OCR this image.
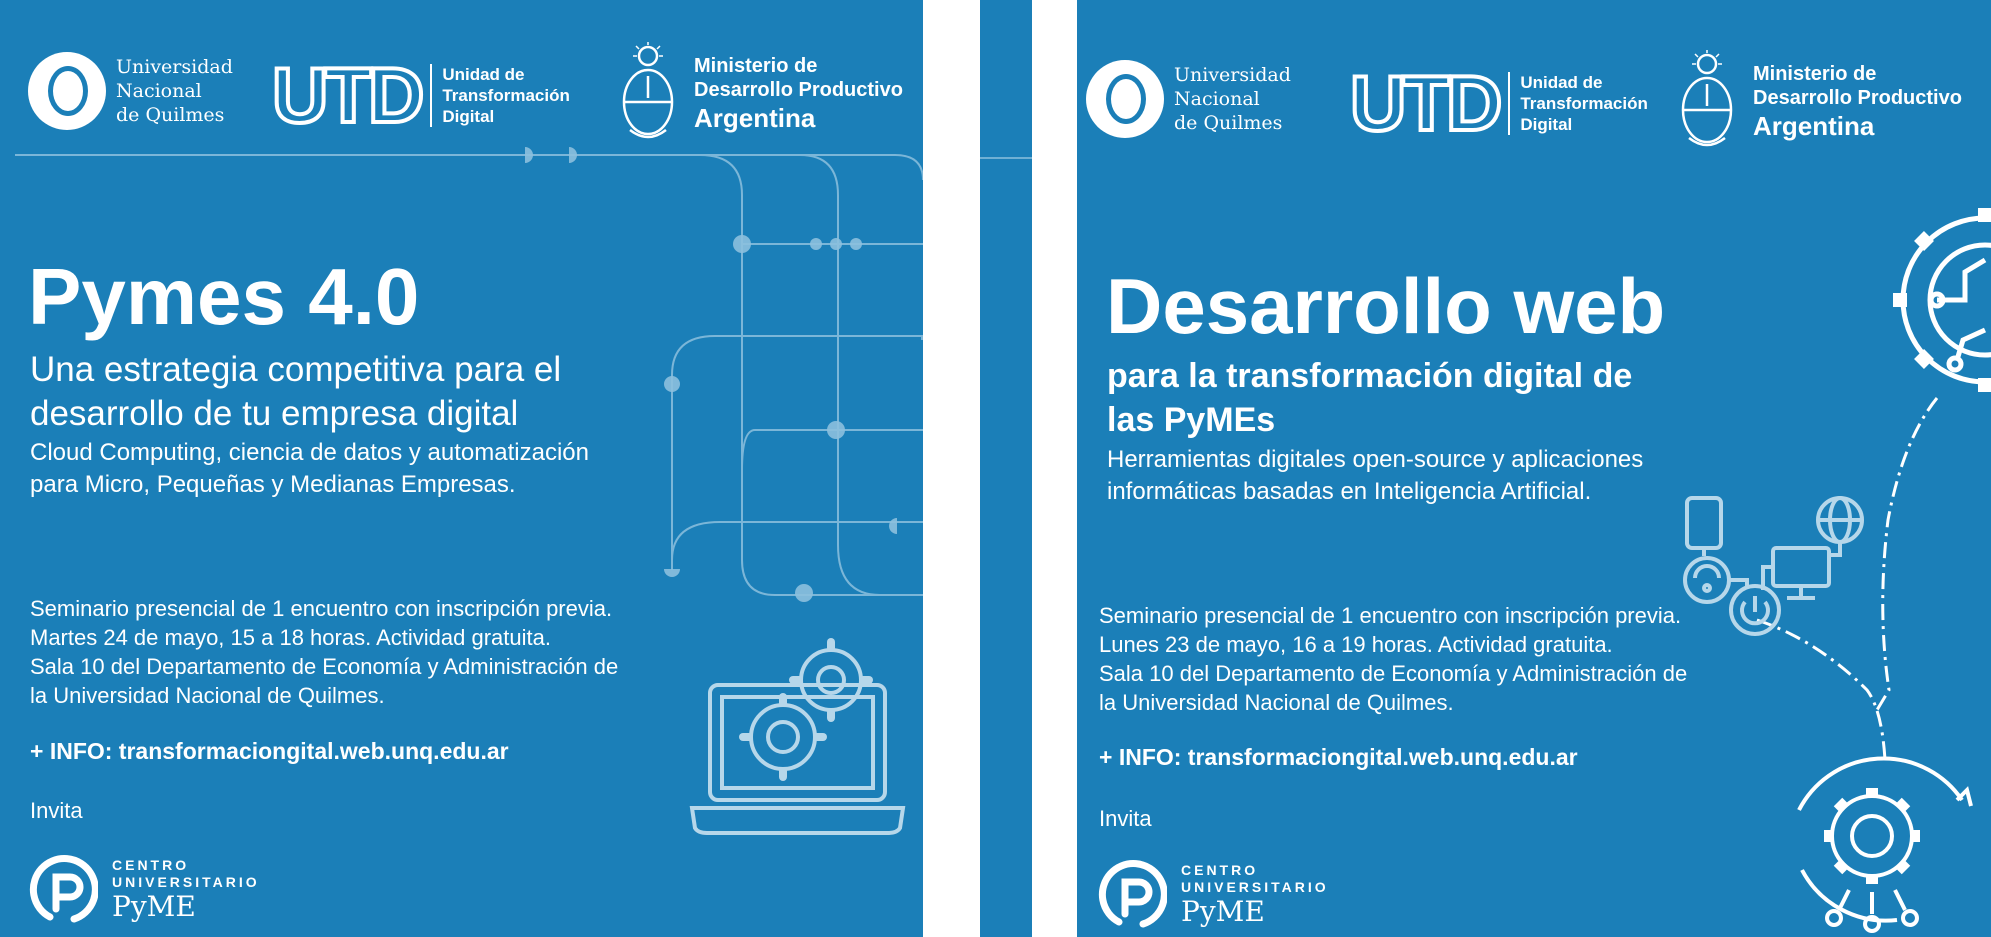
Universidad
Nacional
de Quilmes UTD Unidad de
Transformación
Digital
Ministerio de
Desarrollo Productivo
Argentina
Pymes 4.0
Una estrategia competitiva para el
desarrollo de tu empresa digital
Cloud Computing, ciencia de datos y automatización
para Micro, Pequeñas y Medianas Empresas.
Seminario presencial de 1 encuentro con inscripción previa.
Martes 24 de mayo, 15 a 18 horas. Actividad gratuita.
Sala 10 del Departamento de Economía y Administración de
la Universidad Nacional de Quilmes.
+ INFO: transformaciongital.web.unq.edu.ar
Invita
CENTRO
UNIVERSITARIO
PyME
Universidad
Nacional
de Quilmes UTD Unidad de
Transformación
Digital
Ministerio de
Desarrollo Productivo
Argentina
Desarrollo web
para la transformación digital de
las PyMEs
Herramientas digitales open-source y aplicaciones
informáticas basadas en Inteligencia Artificial.
Seminario presencial de 1 encuentro con inscripción previa.
Lunes 23 de mayo, 16 a 19 horas. Actividad gratuita.
Sala 10 del Departamento de Economía y Administración de
la Universidad Nacional de Quilmes.
+ INFO: transformaciongital.web.unq.edu.ar
Invita
CENTRO
UNIVERSITARIO
PyME
